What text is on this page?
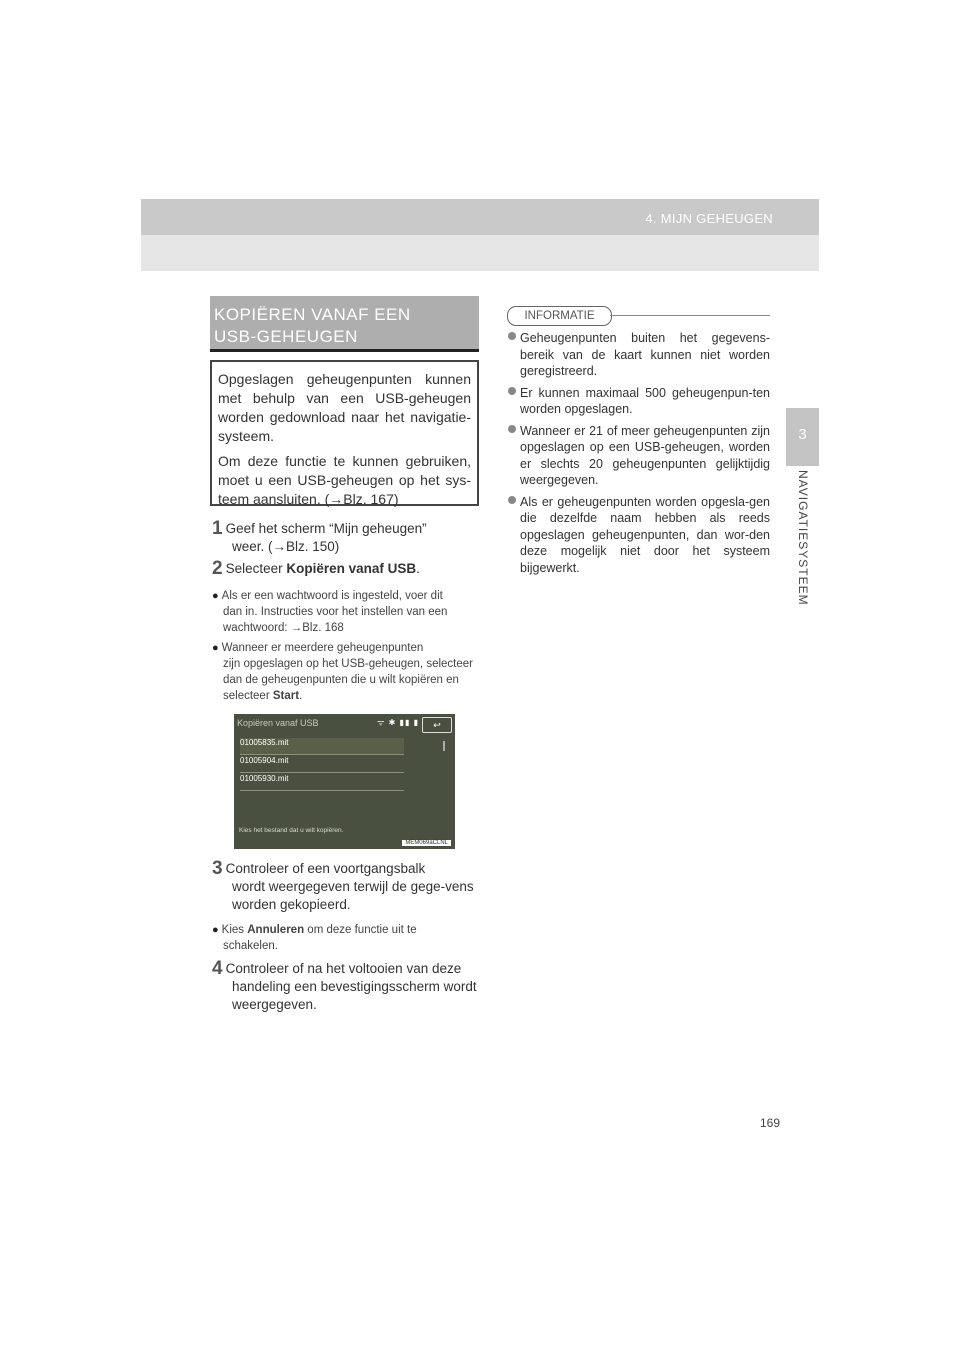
4. MIJN GEHEUGEN
3
NAVIGATIESYSTEEM
KOPIËREN VANAF EEN
USB-GEHEUGEN

Opgeslagen geheugenpunten kunnen met behulp van een USB-geheugen worden gedownload naar het navigatie-systeem.

Om deze functie te kunnen gebruiken, moet u een USB-geheugen op het sys-teem aansluiten. (→Blz. 167)

1 Geef het scherm “Mijn geheugen”
weer. (→Blz. 150)
2 Selecteer Kopiëren vanaf USB.
● Als er een wachtwoord is ingesteld, voer dit
dan in. Instructies voor het instellen van een wachtwoord: →Blz. 168
● Wanneer er meerdere geheugenpunten
zijn opgeslagen op het USB-geheugen, selecteer dan de geheugenpunten die u wilt kopiëren en selecteer Start.
Kopiëren vanaf USB	ᯤ ✱ ▮▮ ▮	↩
01005835.mit
01005904.mit
01005930.mit
Kies het bestand dat u wilt kopiëren.
MEM069aCLNL
3 Controleer of een voortgangsbalk
wordt weergegeven terwijl de gege-vens worden gekopieerd.
● Kies Annuleren om deze functie uit te
schakelen.
4 Controleer of na het voltooien van deze
handeling een bevestigingsscherm wordt weergegeven.
INFORMATIE
Geheugenpunten buiten het gegevens-bereik van de kaart kunnen niet worden geregistreerd.
Er kunnen maximaal 500 geheugenpun-ten worden opgeslagen.
Wanneer er 21 of meer geheugenpunten zijn opgeslagen op een USB-geheugen, worden er slechts 20 geheugenpunten gelijktijdig weergegeven.
Als er geheugenpunten worden opgesla-gen die dezelfde naam hebben als reeds opgeslagen geheugenpunten, dan wor-den deze mogelijk niet door het systeem bijgewerkt.
169
